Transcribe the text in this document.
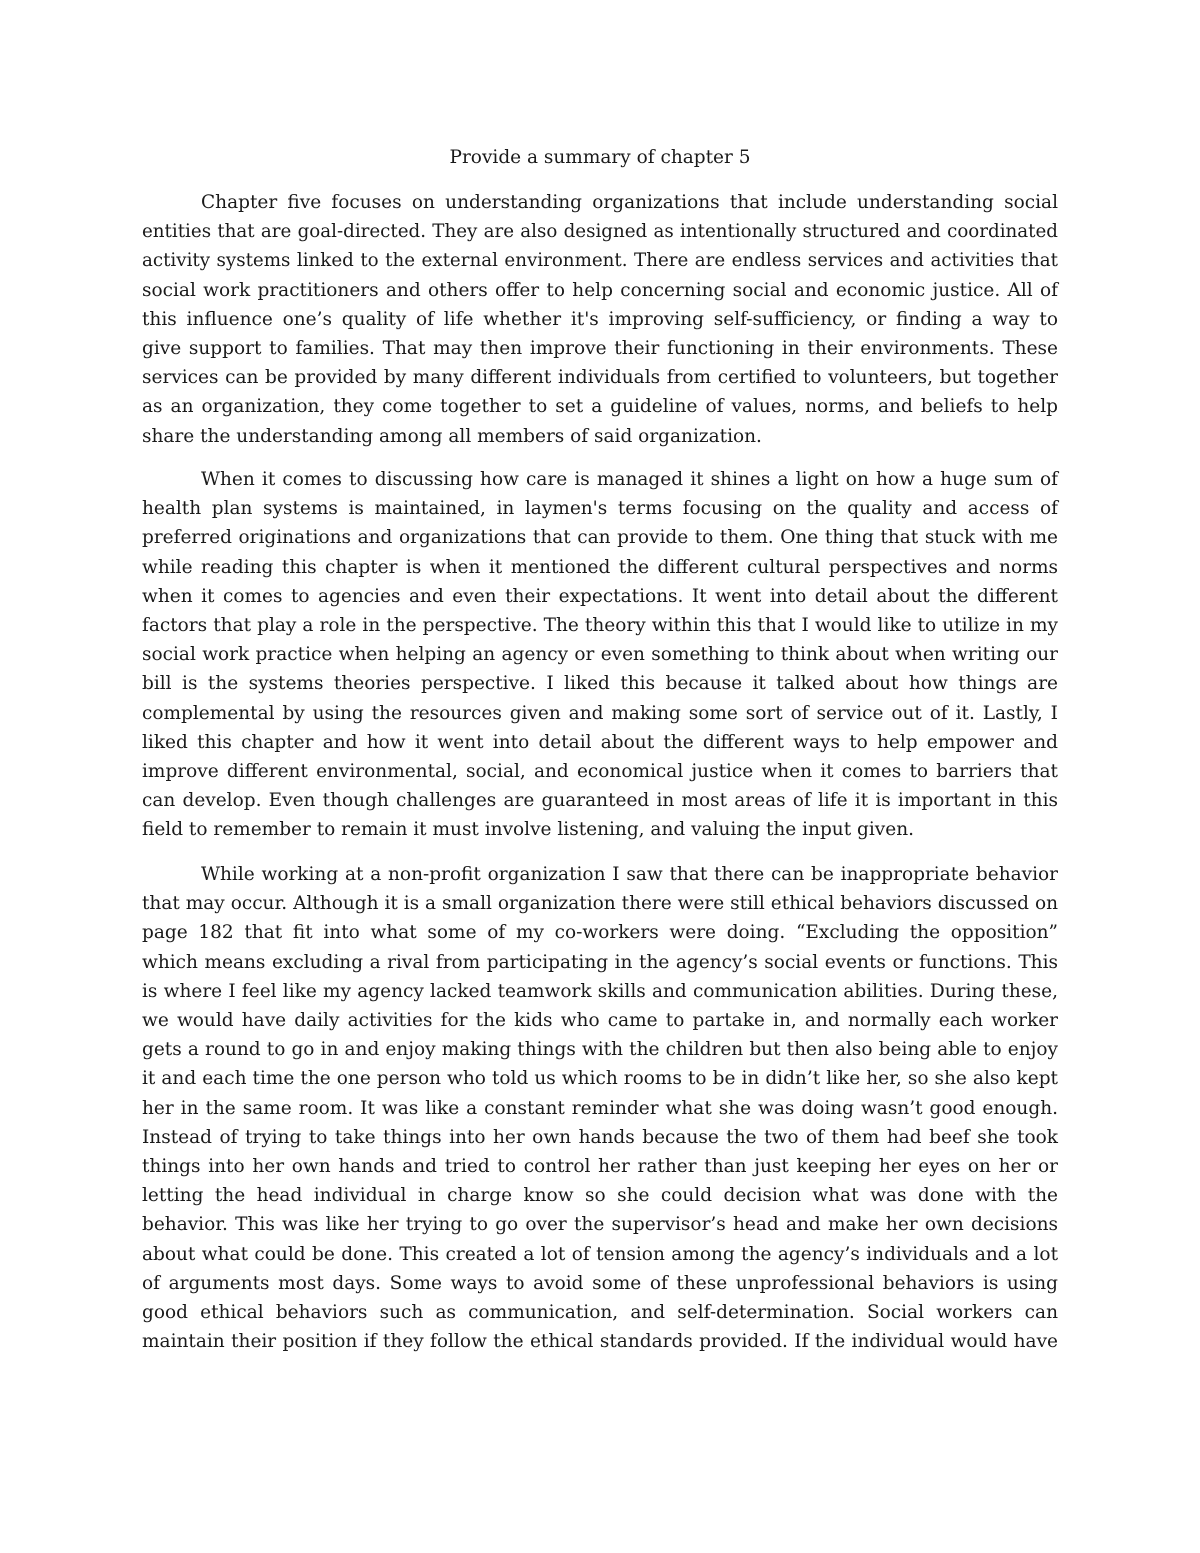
Provide a summary of chapter 5
Chapter five focuses on understanding organizations that include understanding social
entities that are goal-directed. They are also designed as intentionally structured and coordinated
activity systems linked to the external environment. There are endless services and activities that
social work practitioners and others offer to help concerning social and economic justice. All of
this influence one’s quality of life whether it's improving self-sufficiency, or finding a way to
give support to families. That may then improve their functioning in their environments. These
services can be provided by many different individuals from certified to volunteers, but together
as an organization, they come together to set a guideline of values, norms, and beliefs to help
share the understanding among all members of said organization.
When it comes to discussing how care is managed it shines a light on how a huge sum of
health plan systems is maintained, in laymen's terms focusing on the quality and access of
preferred originations and organizations that can provide to them. One thing that stuck with me
while reading this chapter is when it mentioned the different cultural perspectives and norms
when it comes to agencies and even their expectations. It went into detail about the different
factors that play a role in the perspective. The theory within this that I would like to utilize in my
social work practice when helping an agency or even something to think about when writing our
bill is the systems theories perspective. I liked this because it talked about how things are
complemental by using the resources given and making some sort of service out of it. Lastly, I
liked this chapter and how it went into detail about the different ways to help empower and
improve different environmental, social, and economical justice when it comes to barriers that
can develop. Even though challenges are guaranteed in most areas of life it is important in this
field to remember to remain it must involve listening, and valuing the input given.
While working at a non-profit organization I saw that there can be inappropriate behavior
that may occur. Although it is a small organization there were still ethical behaviors discussed on
page 182 that fit into what some of my co-workers were doing. “Excluding the opposition”
which means excluding a rival from participating in the agency’s social events or functions. This
is where I feel like my agency lacked teamwork skills and communication abilities. During these,
we would have daily activities for the kids who came to partake in, and normally each worker
gets a round to go in and enjoy making things with the children but then also being able to enjoy
it and each time the one person who told us which rooms to be in didn’t like her, so she also kept
her in the same room. It was like a constant reminder what she was doing wasn’t good enough.
Instead of trying to take things into her own hands because the two of them had beef she took
things into her own hands and tried to control her rather than just keeping her eyes on her or
letting the head individual in charge know so she could decision what was done with the
behavior. This was like her trying to go over the supervisor’s head and make her own decisions
about what could be done. This created a lot of tension among the agency’s individuals and a lot
of arguments most days. Some ways to avoid some of these unprofessional behaviors is using
good ethical behaviors such as communication, and self-determination. Social workers can
maintain their position if they follow the ethical standards provided. If the individual would have
